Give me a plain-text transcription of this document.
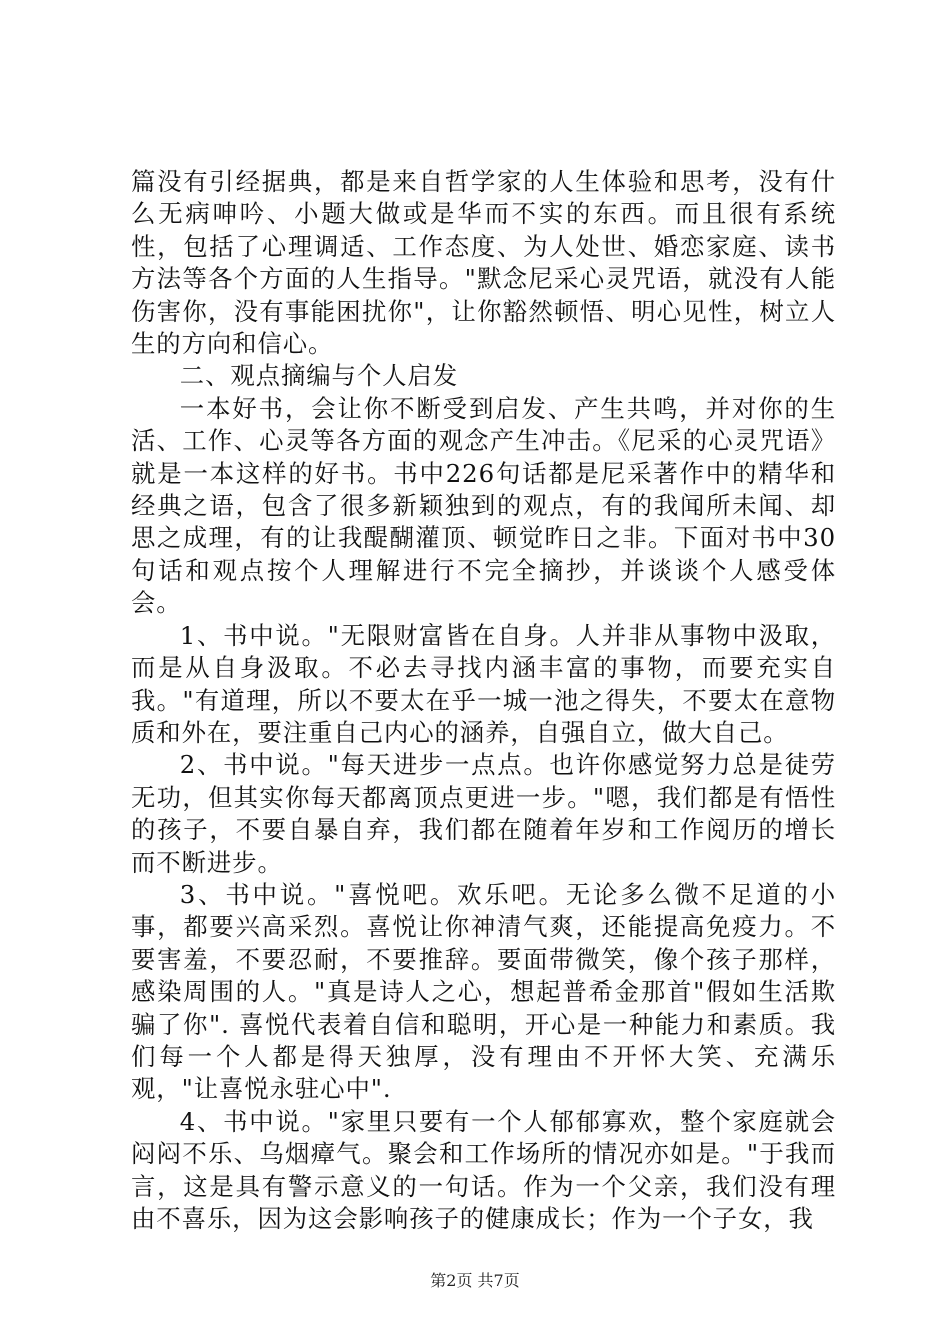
篇没有引经据典，都是来自哲学家的人生体验和思考，没有什么无病呻吟、小题大做或是华而不实的东西。而且很有系统性，包括了心理调适、工作态度、为人处世、婚恋家庭、读书方法等各个方面的人生指导。"默念尼采心灵咒语，就没有人能伤害你，没有事能困扰你"，让你豁然顿悟、明心见性，树立人生的方向和信心。

二、观点摘编与个人启发

一本好书，会让你不断受到启发、产生共鸣，并对你的生活、工作、心灵等各方面的观念产生冲击。《尼采的心灵咒语》就是一本这样的好书。书中226句话都是尼采著作中的精华和经典之语，包含了很多新颖独到的观点，有的我闻所未闻、却思之成理，有的让我醍醐灌顶、顿觉昨日之非。下面对书中30句话和观点按个人理解进行不完全摘抄，并谈谈个人感受体会。

1、书中说。"无限财富皆在自身。人并非从事物中汲取，而是从自身汲取。不必去寻找内涵丰富的事物，而要充实自我。"有道理，所以不要太在乎一城一池之得失，不要太在意物质和外在，要注重自己内心的涵养，自强自立，做大自己。

2、书中说。"每天进步一点点。也许你感觉努力总是徒劳无功，但其实你每天都离顶点更进一步。"嗯，我们都是有悟性的孩子，不要自暴自弃，我们都在随着年岁和工作阅历的增长而不断进步。

3、书中说。"喜悦吧。欢乐吧。无论多么微不足道的小事，都要兴高采烈。喜悦让你神清气爽，还能提高免疫力。不要害羞，不要忍耐，不要推辞。要面带微笑，像个孩子那样，感染周围的人。"真是诗人之心，想起普希金那首"假如生活欺骗了你". 喜悦代表着自信和聪明，开心是一种能力和素质。我们每一个人都是得天独厚，没有理由不开怀大笑、充满乐观，"让喜悦永驻心中".

4、书中说。"家里只要有一个人郁郁寡欢，整个家庭就会闷闷不乐、乌烟瘴气。聚会和工作场所的情况亦如是。"于我而言，这是具有警示意义的一句话。作为一个父亲，我们没有理由不喜乐，因为这会影响孩子的健康成长；作为一个子女，我

第2页 共7页
